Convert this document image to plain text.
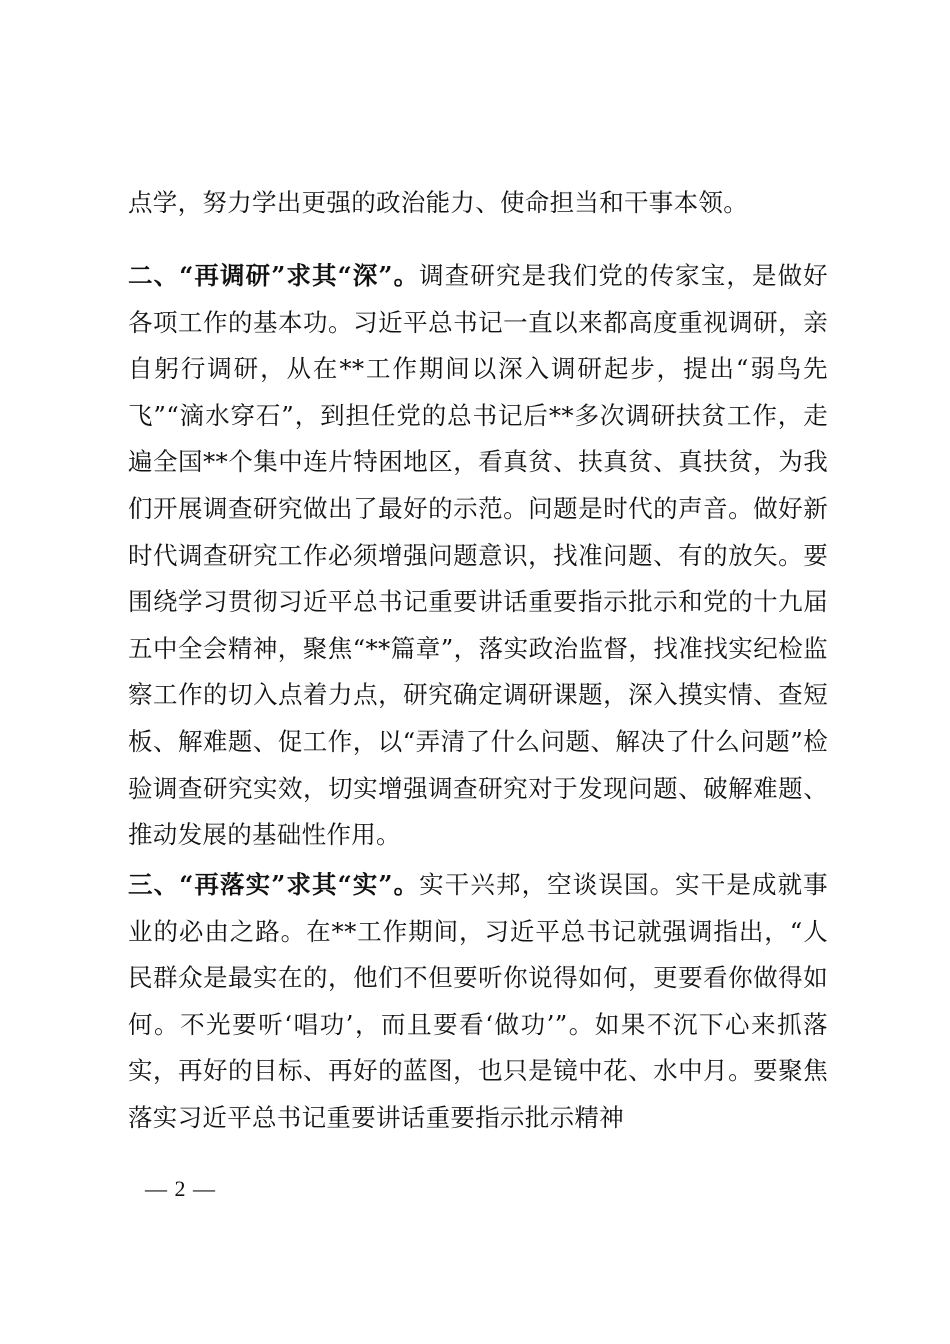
点学，努力学出更强的政治能力、使命担当和干事本领。

二、“再调研”求其“深”。调查研究是我们党的传家宝，是做好各项工作的基本功。习近平总书记一直以来都高度重视调研，亲自躬行调研，从在**工作期间以深入调研起步，提出“弱鸟先飞”“滴水穿石”，到担任党的总书记后**多次调研扶贫工作，走遍全国**个集中连片特困地区，看真贫、扶真贫、真扶贫，为我们开展调查研究做出了最好的示范。问题是时代的声音。做好新时代调查研究工作必须增强问题意识，找准问题、有的放矢。要围绕学习贯彻习近平总书记重要讲话重要指示批示和党的十九届五中全会精神，聚焦“**篇章”，落实政治监督，找准找实纪检监察工作的切入点着力点，研究确定调研课题，深入摸实情、查短板、解难题、促工作，以“弄清了什么问题、解决了什么问题”检验调查研究实效，切实增强调查研究对于发现问题、破解难题、推动发展的基础性作用。

三、“再落实”求其“实”。实干兴邦，空谈误国。实干是成就事业的必由之路。在**工作期间，习近平总书记就强调指出，“人民群众是最实在的，他们不但要听你说得如何，更要看你做得如何。不光要听‘唱功’，而且要看‘做功’”。如果不沉下心来抓落实，再好的目标、再好的蓝图，也只是镜中花、水中月。要聚焦落实习近平总书记重要讲话重要指示批示精神

— 2 —
